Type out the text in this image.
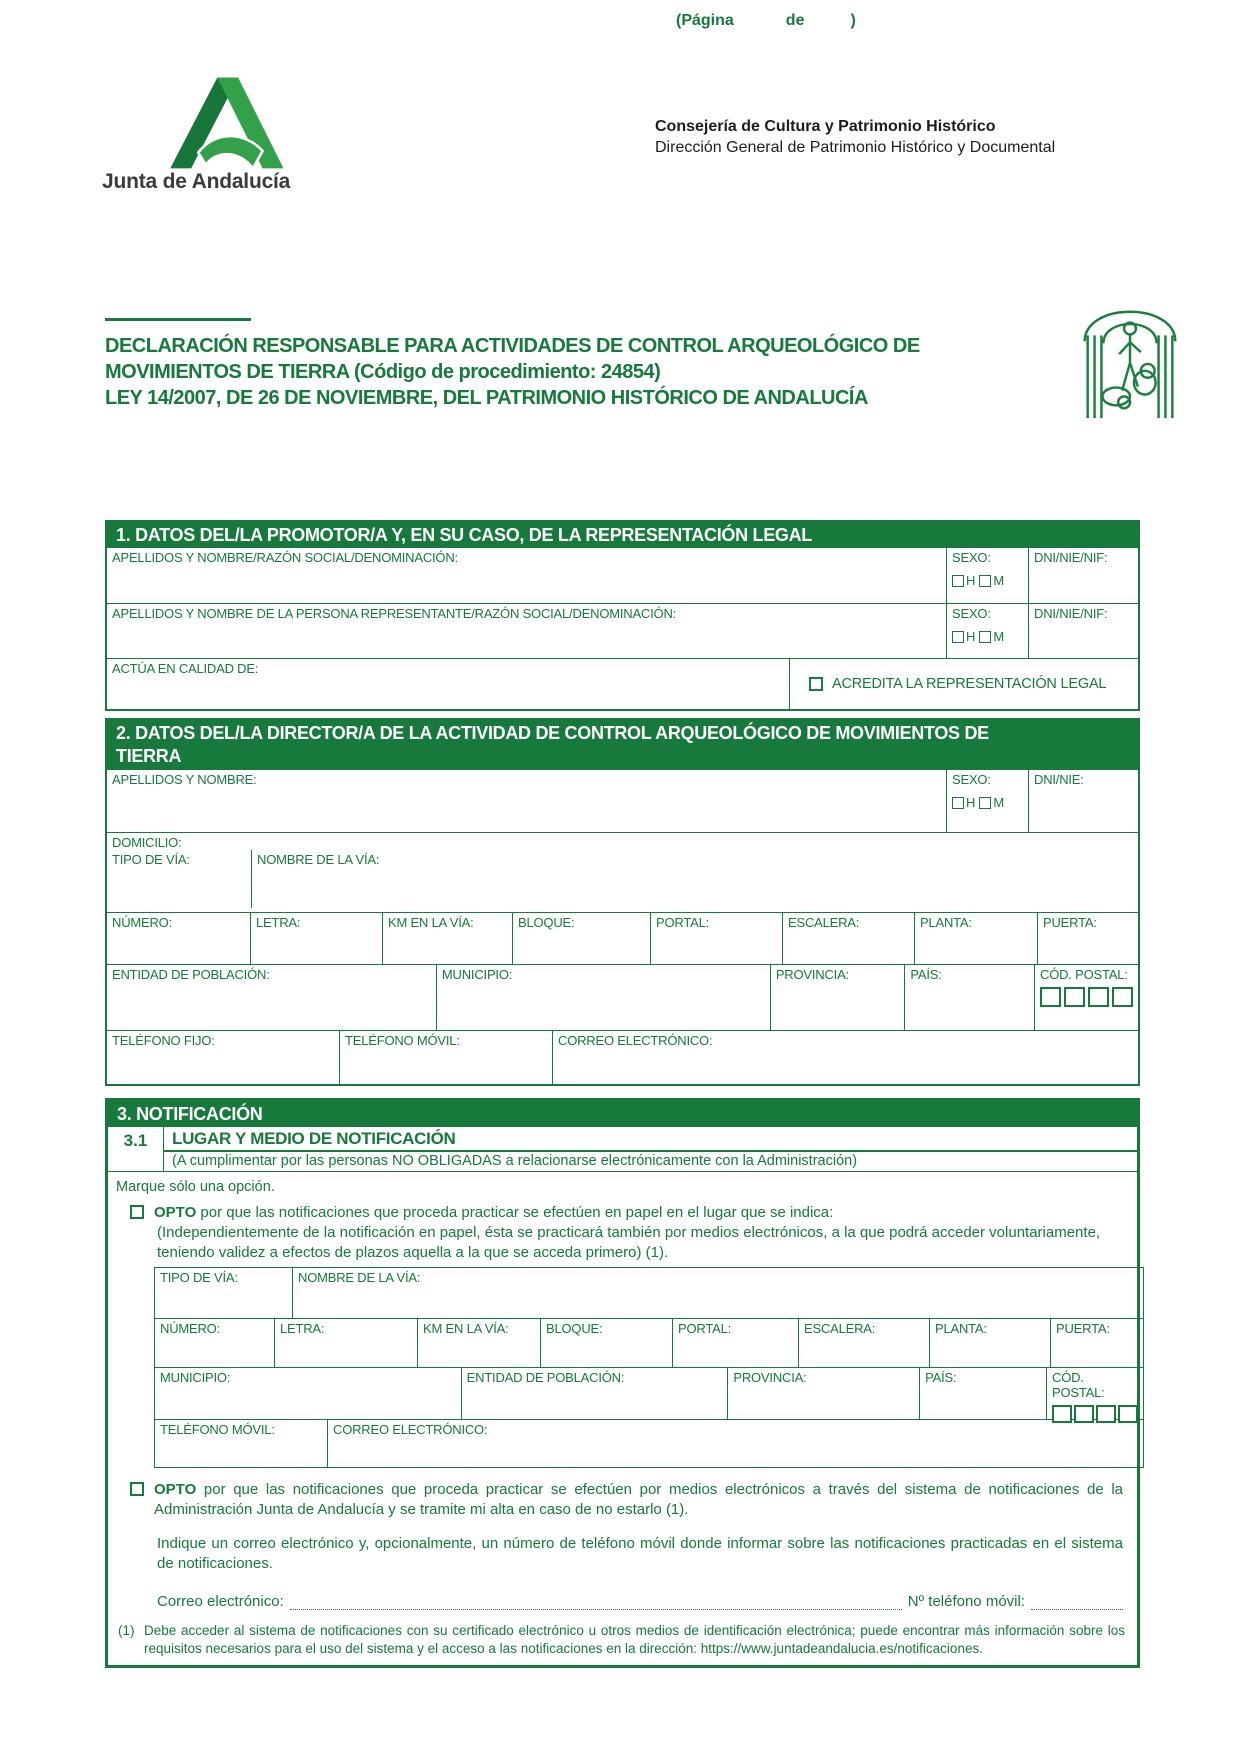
(Página	de	)
Junta de Andalucía
Consejería de Cultura y Patrimonio Histórico
Dirección General de Patrimonio Histórico y Documental
DECLARACIÓN RESPONSABLE PARA ACTIVIDADES DE CONTROL ARQUEOLÓGICO DE MOVIMIENTOS DE TIERRA (Código de procedimiento: 24854)
LEY 14/2007, DE 26 DE NOVIEMBRE, DEL PATRIMONIO HISTÓRICO DE ANDALUCÍA
1. DATOS DEL/LA PROMOTOR/A Y, EN SU CASO, DE LA REPRESENTACIÓN LEGAL
APELLIDOS Y NOMBRE/RAZÓN SOCIAL/DENOMINACIÓN:	SEXO:
H M
DNI/NIE/NIF:
APELLIDOS Y NOMBRE DE LA PERSONA REPRESENTANTE/RAZÓN SOCIAL/DENOMINACIÓN:	SEXO:
H M
DNI/NIE/NIF:
ACTÚA EN CALIDAD DE:
ACREDITA LA REPRESENTACIÓN LEGAL
2. DATOS DEL/LA DIRECTOR/A DE LA ACTIVIDAD DE CONTROL ARQUEOLÓGICO DE MOVIMIENTOS DE TIERRA
APELLIDOS Y NOMBRE:	SEXO:
H M
DNI/NIE:
DOMICILIO:
TIPO DE VÍA:	NOMBRE DE LA VÍA:
NÚMERO:	LETRA:	KM EN LA VÍA:	BLOQUE:	PORTAL:	ESCALERA:	PLANTA:	PUERTA:
ENTIDAD DE POBLACIÓN:	MUNICIPIO:	PROVINCIA:	PAÍS:	CÓD. POSTAL:
TELÉFONO FIJO:	TELÉFONO MÓVIL:	CORREO ELECTRÓNICO:
3. NOTIFICACIÓN
3.1	LUGAR Y MEDIO DE NOTIFICACIÓN
(A cumplimentar por las personas NO OBLIGADAS a relacionarse electrónicamente con la Administración)
Marque sólo una opción.
OPTO por que las notificaciones que proceda practicar se efectúen en papel en el lugar que se indica:
(Independientemente de la notificación en papel, ésta se practicará también por medios electrónicos, a la que podrá acceder voluntariamente, teniendo validez a efectos de plazos aquella a la que se acceda primero) (1).
TIPO DE VÍA:	NOMBRE DE LA VÍA:
NÚMERO:	LETRA:	KM EN LA VÍA:	BLOQUE:	PORTAL:	ESCALERA:	PLANTA:	PUERTA:
MUNICIPIO:	ENTIDAD DE POBLACIÓN:	PROVINCIA:	PAÍS:	CÓD. POSTAL:
TELÉFONO MÓVIL:	CORREO ELECTRÓNICO:
OPTO por que las notificaciones que proceda practicar se efectúen por medios electrónicos a través del sistema de notificaciones de la Administración Junta de Andalucía y se tramite mi alta en caso de no estarlo (1).
Indique un correo electrónico y, opcionalmente, un número de teléfono móvil donde informar sobre las notificaciones practicadas en el sistema de notificaciones.
Correo electrónico:	Nº teléfono móvil:
(1) Debe acceder al sistema de notificaciones con su certificado electrónico u otros medios de identificación electrónica; puede encontrar más información sobre los requisitos necesarios para el uso del sistema y el acceso a las notificaciones en la dirección: https://www.juntadeandalucia.es/notificaciones.
